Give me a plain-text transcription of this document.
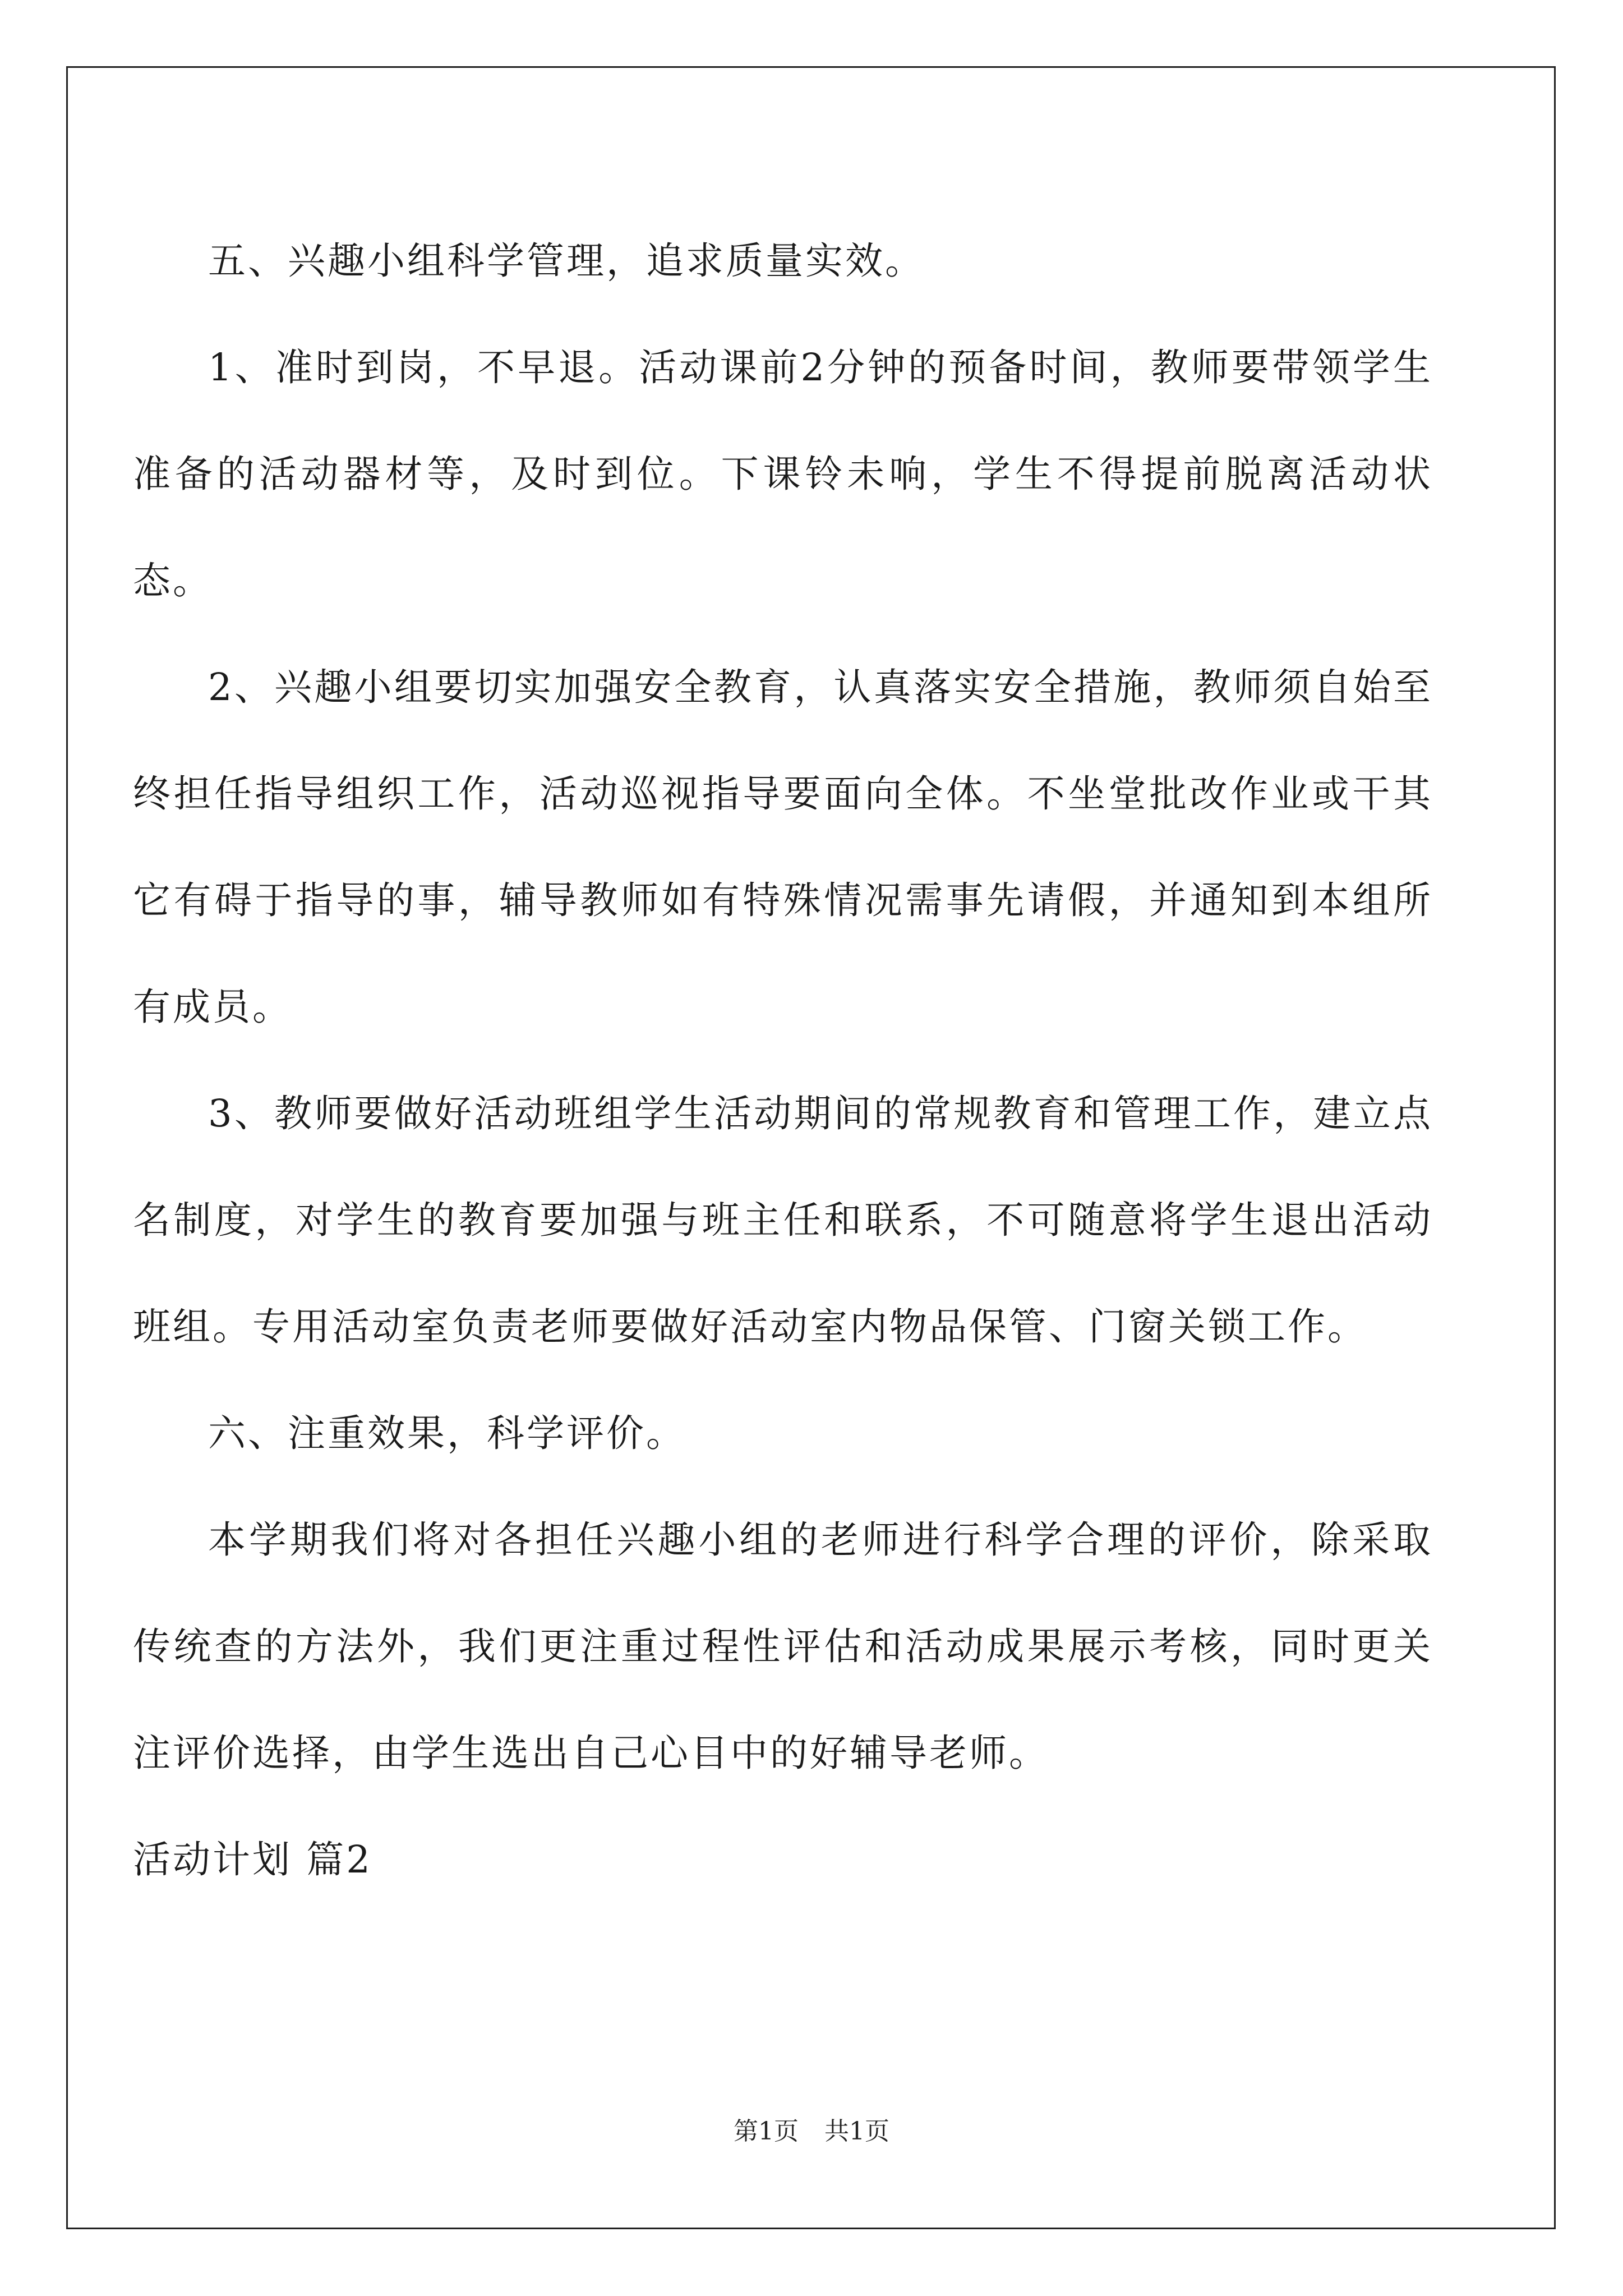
五、兴趣小组科学管理，追求质量实效。

1、准时到岗，不早退。活动课前2分钟的预备时间，教师要带领学生准备的活动器材等，及时到位。下课铃未响，学生不得提前脱离活动状态。

2、兴趣小组要切实加强安全教育，认真落实安全措施，教师须自始至终担任指导组织工作，活动巡视指导要面向全体。不坐堂批改作业或干其它有碍于指导的事，辅导教师如有特殊情况需事先请假，并通知到本组所有成员。

3、教师要做好活动班组学生活动期间的常规教育和管理工作，建立点名制度，对学生的教育要加强与班主任和联系，不可随意将学生退出活动班组。专用活动室负责老师要做好活动室内物品保管、门窗关锁工作。

六、注重效果，科学评价。

本学期我们将对各担任兴趣小组的老师进行科学合理的评价，除采取传统查的方法外，我们更注重过程性评估和活动成果展示考核，同时更关注评价选择，由学生选出自己心目中的好辅导老师。

活动计划 篇2

第1页 共1页
